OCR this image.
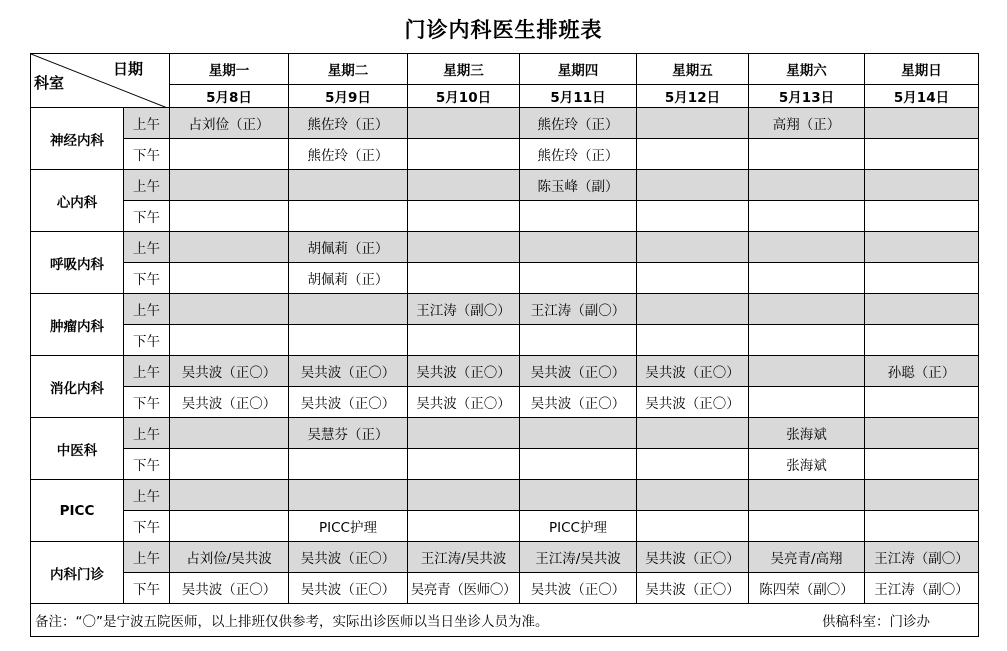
门诊内科医生排班表
日期
科室		星期一	星期二	星期三	星期四	星期五	星期六	星期日
		5月8日	5月9日	5月10日	5月11日	5月12日	5月13日	5月14日
神经内科	上午	占刘俭（正）	熊佐玲（正）		熊佐玲（正）		高翔（正）	
	下午		熊佐玲（正）		熊佐玲（正）			
心内科	上午				陈玉峰（副）			
	下午							
呼吸内科	上午		胡佩莉（正）					
	下午		胡佩莉（正）					
肿瘤内科	上午			王江涛（副〇）	王江涛（副〇）			
	下午							
消化内科	上午	吴共波（正〇）	吴共波（正〇）	吴共波（正〇）	吴共波（正〇）	吴共波（正〇）		孙聪（正）
	下午	吴共波（正〇）	吴共波（正〇）	吴共波（正〇）	吴共波（正〇）	吴共波（正〇）		
中医科	上午		吴慧芬（正）				张海斌	
	下午						张海斌	
PICC	上午							
	下午		PICC护理		PICC护理			
内科门诊	上午	占刘俭/吴共波	吴共波（正〇）	王江涛/吴共波	王江涛/吴共波	吴共波（正〇）	吴亮青/高翔	王江涛（副〇）
	下午	吴共波（正〇）	吴共波（正〇）	吴亮青（医师〇）	吴共波（正〇）	吴共波（正〇）	陈四荣（副〇）	王江涛（副〇）

备注：“〇”是宁波五院医师，以上排班仅供参考，实际出诊医师以当日坐诊人员为准。 供稿科室：门诊办								
